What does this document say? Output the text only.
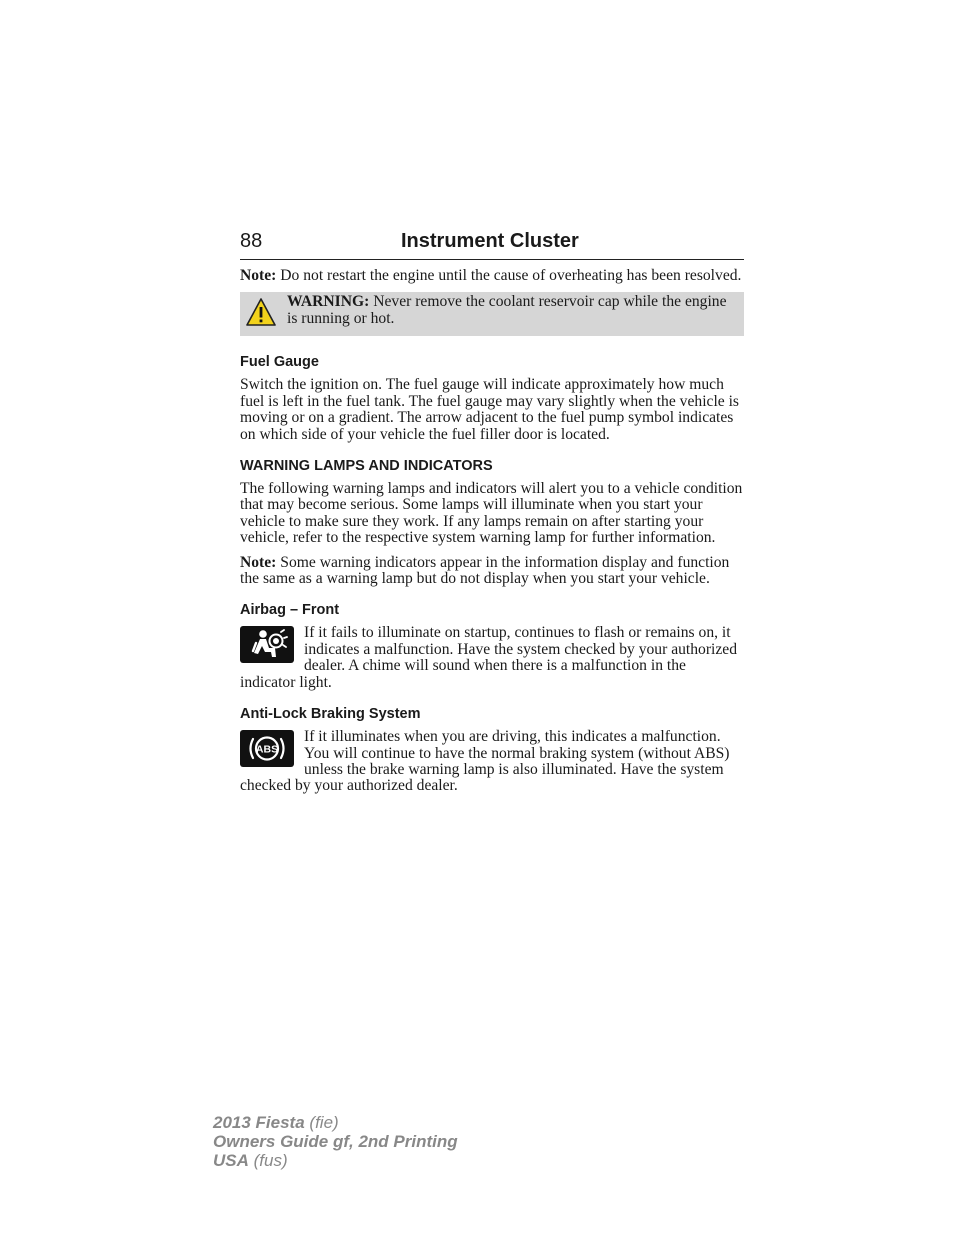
88	Instrument Cluster

Note: Do not restart the engine until the cause of overheating has been resolved.

WARNING: Never remove the coolant reservoir cap while the engine is running or hot.

Fuel Gauge

Switch the ignition on. The fuel gauge will indicate approximately how much fuel is left in the fuel tank. The fuel gauge may vary slightly when the vehicle is moving or on a gradient. The arrow adjacent to the fuel pump symbol indicates on which side of your vehicle the fuel filler door is located.

WARNING LAMPS AND INDICATORS

The following warning lamps and indicators will alert you to a vehicle condition that may become serious. Some lamps will illuminate when you start your vehicle to make sure they work. If any lamps remain on after starting your vehicle, refer to the respective system warning lamp for further information.

Note: Some warning indicators appear in the information display and function the same as a warning lamp but do not display when you start your vehicle.

Airbag – Front

If it fails to illuminate on startup, continues to flash or remains on, it indicates a malfunction. Have the system checked by your authorized dealer. A chime will sound when there is a malfunction in the indicator light.

Anti-Lock Braking System
ABS

If it illuminates when you are driving, this indicates a malfunction. You will continue to have the normal braking system (without ABS) unless the brake warning lamp is also illuminated. Have the system checked by your authorized dealer.

2013 Fiesta (fie)
Owners Guide gf, 2nd Printing
USA (fus)
